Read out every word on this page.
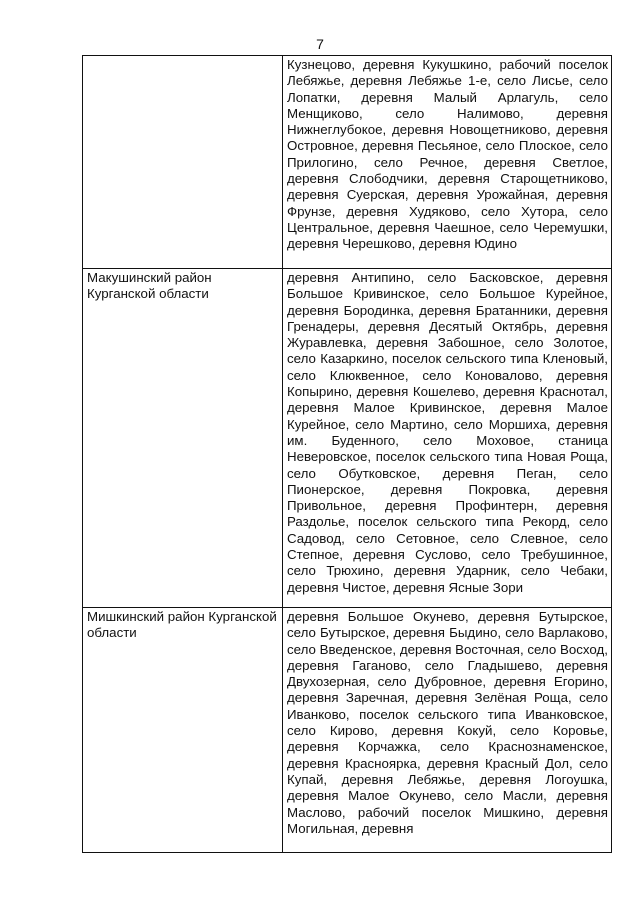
7
	Кузнецово, деревня Кукушкино, рабочий поселок Лебяжье, деревня Лебяжье 1-е, село Лисье, село Лопатки, деревня Малый Арлагуль, село Менщиково, село Налимово, деревня Нижнеглубокое, деревня Новощетниково, деревня Островное, деревня Песьяное, село Плоское, село Прилогино, село Речное, деревня Светлое, деревня Слободчики, деревня Старощетниково, деревня Суерская, деревня Урожайная, деревня Фрунзе, деревня Худяково, село Хутора, село Центральное, деревня Чаешное, село Черемушки, деревня Черешково, деревня Юдино
Макушинский район Курганской области	деревня Антипино, село Басковское, деревня Большое Кривинское, село Большое Курейное, деревня Бородинка, деревня Братанники, деревня Гренадеры, деревня Десятый Октябрь, деревня Журавлевка, деревня Забошное, село Золотое, село Казаркино, поселок сельского типа Кленовый, село Клюквенное, село Коновалово, деревня Копырино, деревня Кошелево, деревня Краснотал, деревня Малое Кривинское, деревня Малое Курейное, село Мартино, село Моршиха, деревня им. Буденного, село Моховое, станица Неверовское, поселок сельского типа Новая Роща, село Обутковское, деревня Пеган, село Пионерское, деревня Покровка, деревня Привольное, деревня Профинтерн, деревня Раздолье, поселок сельского типа Рекорд, село Садовод, село Сетовное, село Слевное, село Степное, деревня Суслово, село Требушинное, село Трюхино, деревня Ударник, село Чебаки, деревня Чистое, деревня Ясные Зори
Мишкинский район Курганской области	деревня Большое Окунево, деревня Бутырское, село Бутырское, деревня Быдино, село Варлаково, село Введенское, деревня Восточная, село Восход, деревня Гаганово, село Гладышево, деревня Двухозерная, село Дубровное, деревня Егорино, деревня Заречная, деревня Зелёная Роща, село Иванково, поселок сельского типа Иванковское, село Кирово, деревня Кокуй, село Коровье, деревня Корчажка, село Краснознаменское, деревня Красноярка, деревня Красный Дол, село Купай, деревня Лебяжье, деревня Логоушка, деревня Малое Окунево, село Масли, деревня Маслово, рабочий поселок Мишкино, деревня Могильная, деревня
